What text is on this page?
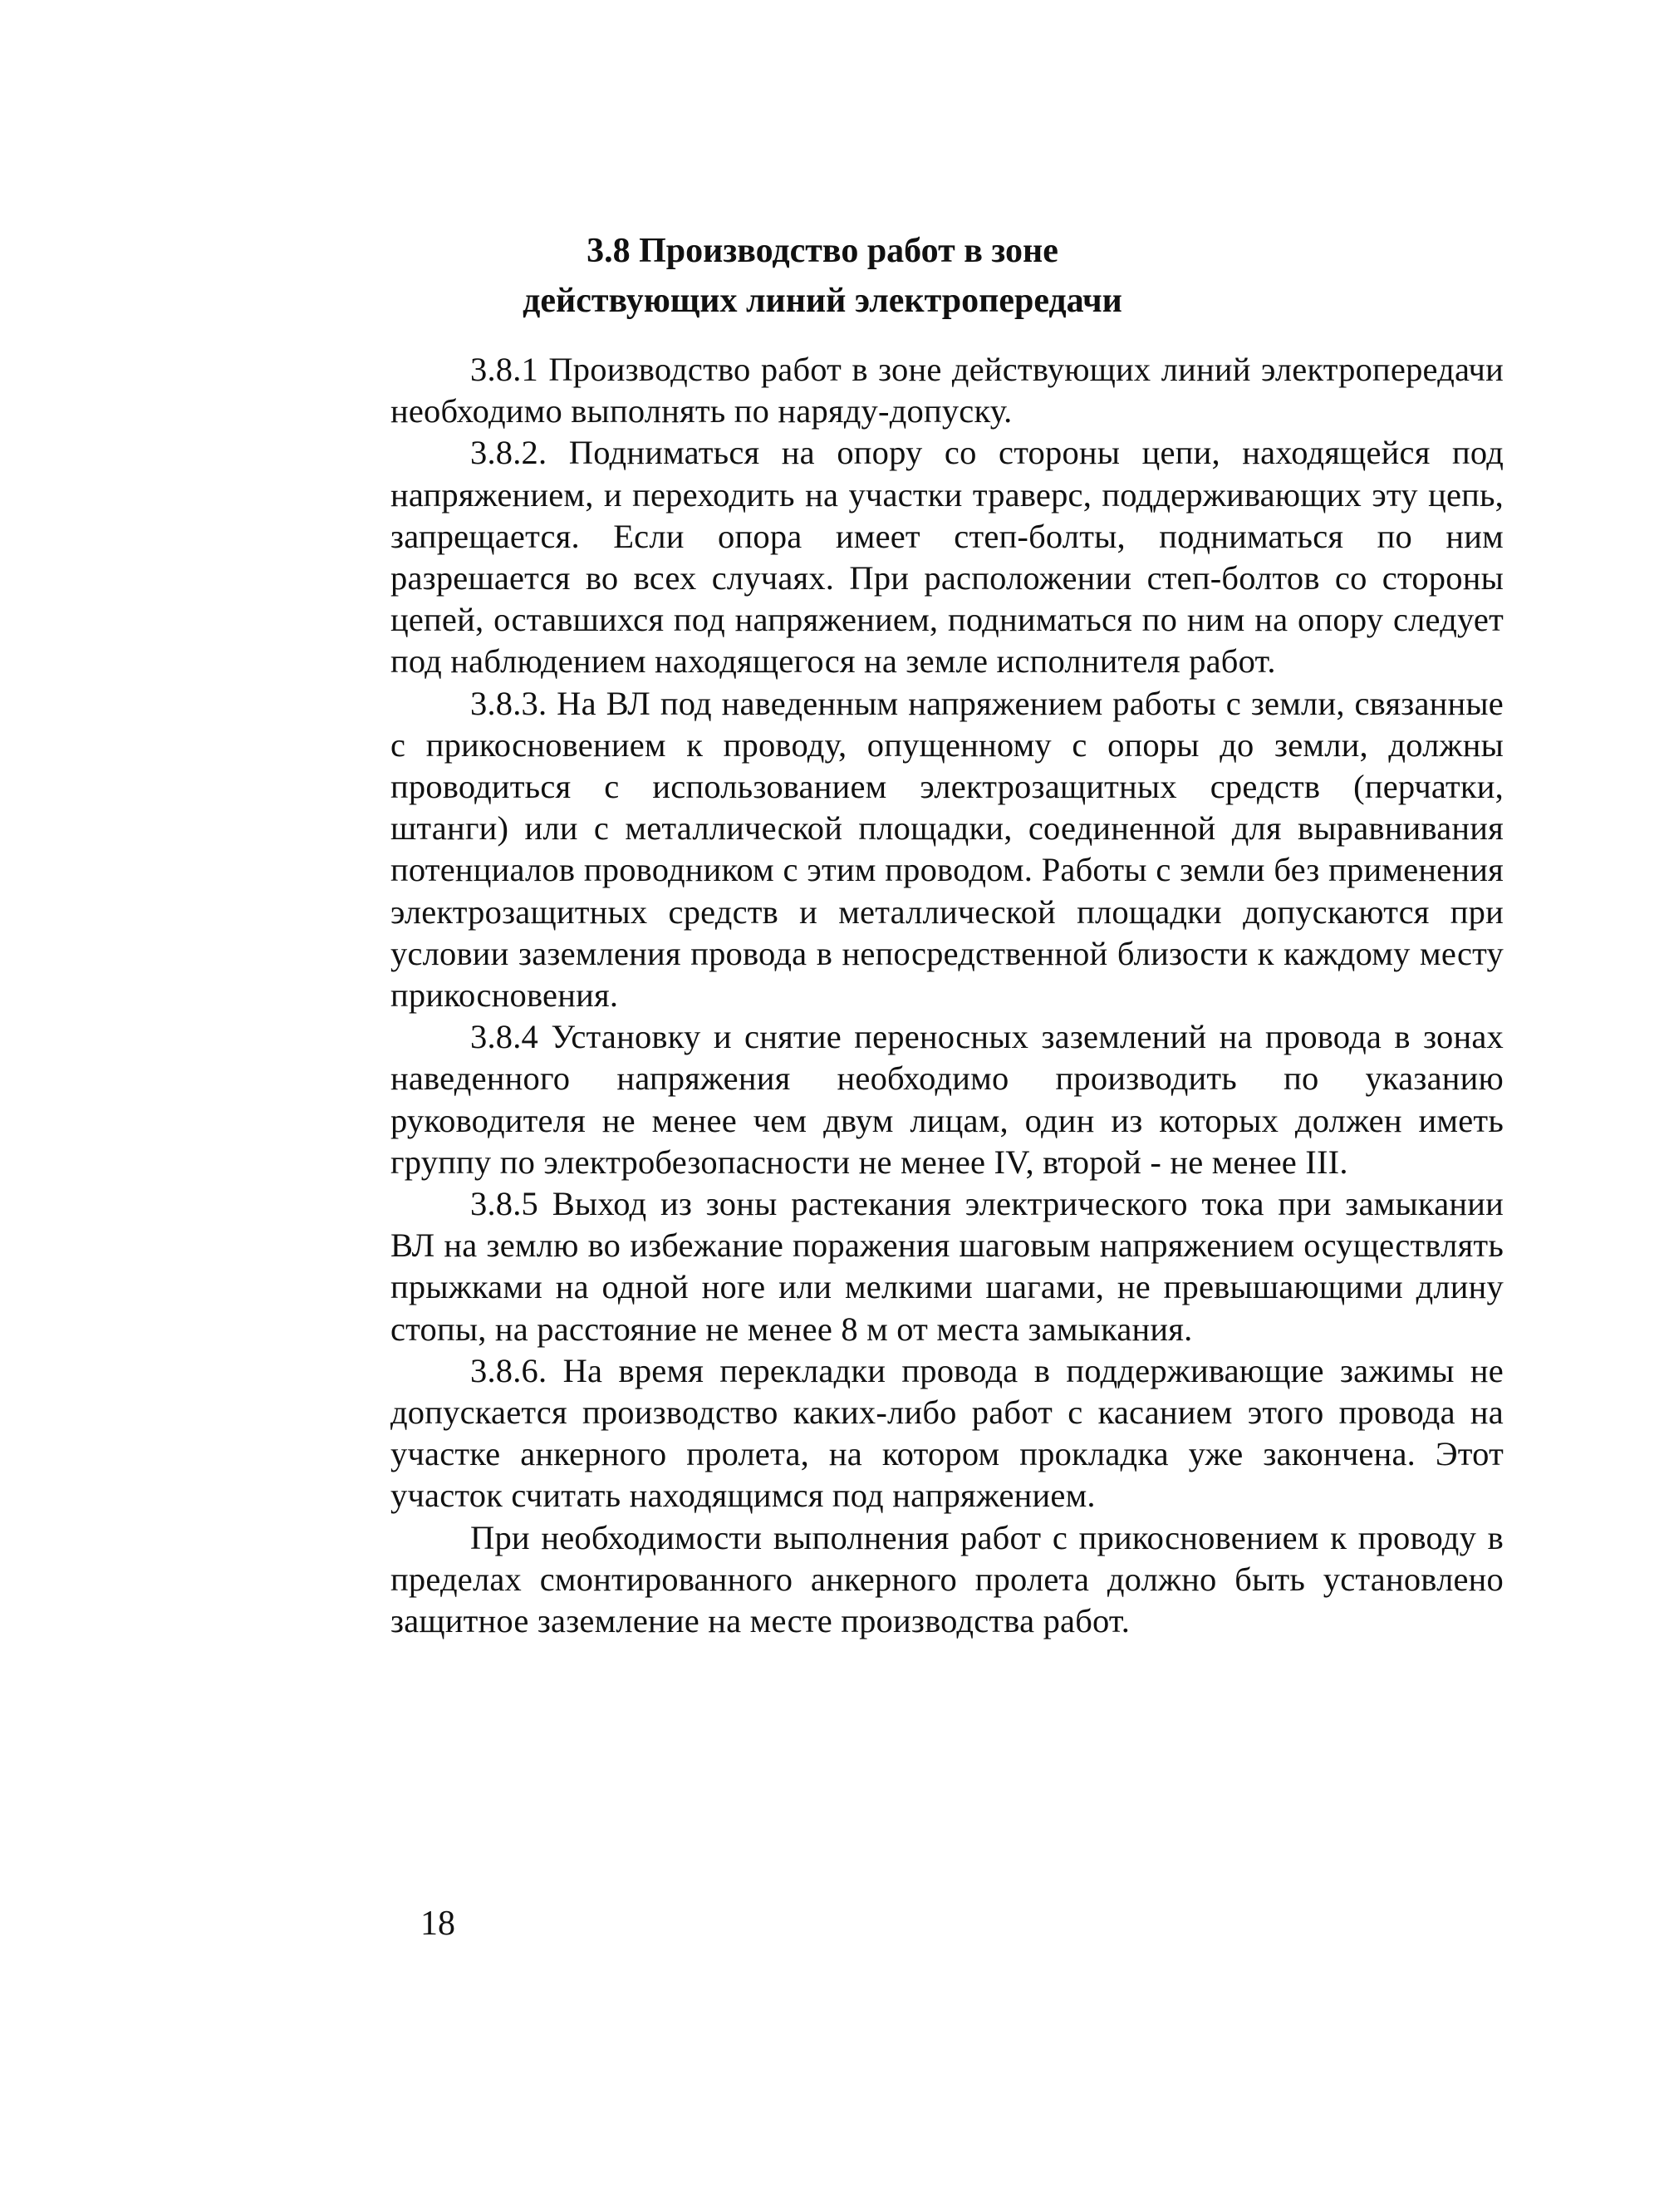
3.8 Производство работ в зоне
действующих линий электропередачи

3.8.1 Производство работ в зоне действующих линий электропередачи необходимо выполнять по наряду-допуску.

3.8.2. Подниматься на опору со стороны цепи, находящейся под напряжением, и переходить на участки траверс, поддерживающих эту цепь, запрещается. Если опора имеет степ-болты, подниматься по ним разрешается во всех случаях. При расположении степ-болтов со стороны цепей, оставшихся под напряжением, подниматься по ним на опору следует под наблюдением находящегося на земле исполнителя работ.

3.8.3. На ВЛ под наведенным напряжением работы с земли, связанные с прикосновением к проводу, опущенному с опоры до земли, должны проводиться с использованием электрозащитных средств (перчатки, штанги) или с металлической площадки, соединенной для выравнивания потенциалов проводником с этим проводом. Работы с земли без применения электрозащитных средств и металлической площадки допускаются при условии заземления провода в непосредственной близости к каждому месту прикосновения.

3.8.4 Установку и снятие переносных заземлений на провода в зонах наведенного напряжения необходимо производить по указанию руководителя не менее чем двум лицам, один из которых должен иметь группу по электробезопасности не менее IV, второй - не менее III.

3.8.5 Выход из зоны растекания электрического тока при замыкании ВЛ на землю во избежание поражения шаговым напряжением осуществлять прыжками на одной ноге или мелкими шагами, не превышающими длину стопы, на расстояние не менее 8 м от места замыкания.

3.8.6. На время перекладки провода в поддерживающие зажимы не допускается производство каких-либо работ с касанием этого провода на участке анкерного пролета, на котором прокладка уже закончена. Этот участок считать находящимся под напряжением.

При необходимости выполнения работ с прикосновением к проводу в пределах смонтированного анкерного пролета должно быть установлено защитное заземление на месте производства работ.

18
